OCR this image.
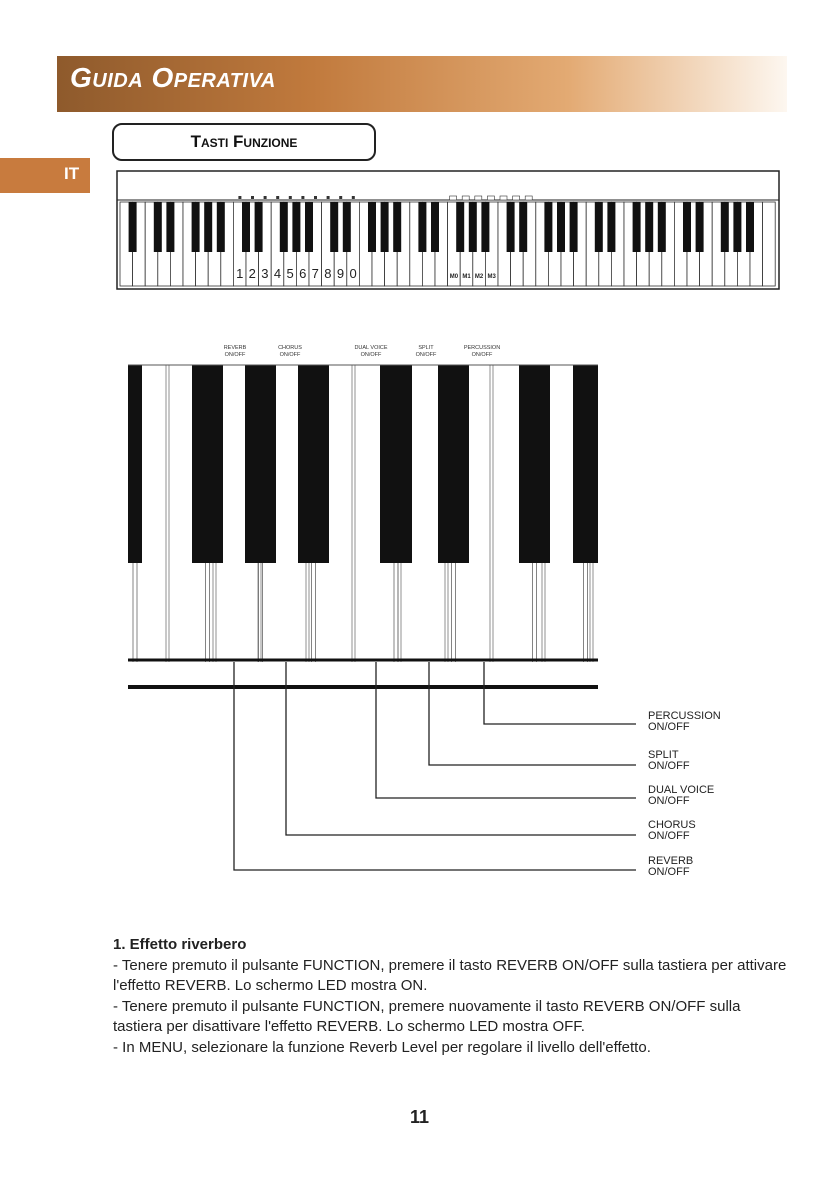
Guida Operativa
Tasti Funzione
IT
1 2 3 4 5 6 7 8 9 0	M0 M1 M2 M3
REVERB
ON/OFF
CHORUS
ON/OFF
DUAL VOICE
ON/OFF
SPLIT
ON/OFF
PERCUSSION
ON/OFF
PERCUSSION
ON/OFF
SPLIT
ON/OFF
DUAL VOICE
ON/OFF
CHORUS
ON/OFF
REVERB
ON/OFF

1. Effetto riverbero

- Tenere premuto il pulsante FUNCTION, premere il tasto REVERB ON/OFF sulla tastiera per attivare l'effetto REVERB. Lo schermo LED mostra ON.

- Tenere premuto il pulsante FUNCTION, premere nuovamente il tasto REVERB ON/OFF sulla tastiera per disattivare l'effetto REVERB. Lo schermo LED mostra OFF.

- In MENU, selezionare la funzione Reverb Level per regolare il livello dell'effetto.

11
